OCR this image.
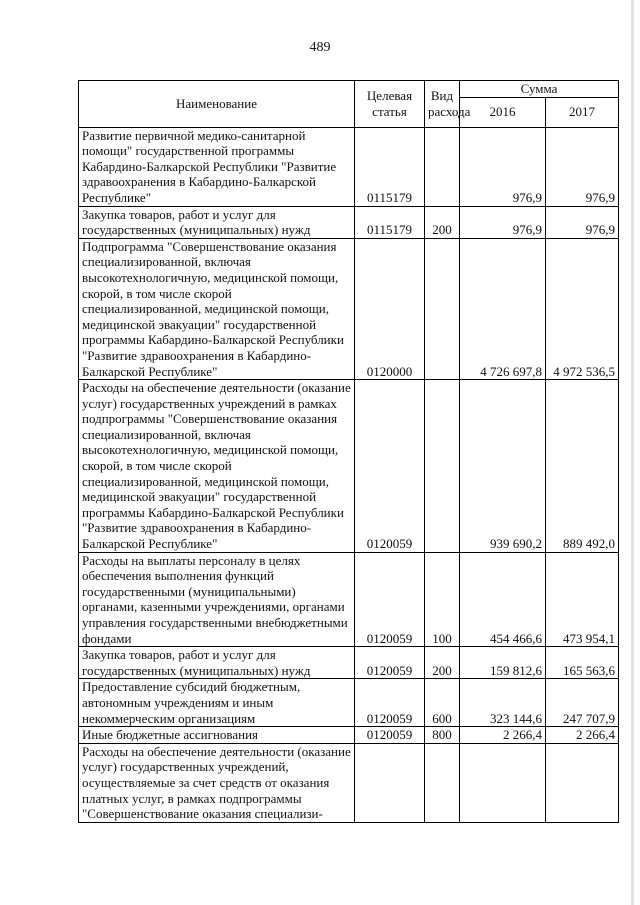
489
Наименование	Целевая статья	Вид расхода	Сумма	
			2016	2017
Развитие первичной медико-санитарной помощи" государственной программы Кабардино-Балкарской Республики "Развитие здравоохранения в Кабардино-Балкарской Республике"	0115179		976,9	976,9
Закупка товаров, работ и услуг для государственных (муниципальных) нужд	0115179	200	976,9	976,9
Подпрограмма "Совершенствование оказания специализированной, включая высокотехнологичную, медицинской помощи, скорой, в том числе скорой специализированной, медицинской помощи, медицинской эвакуации" государственной программы Кабардино-Балкарской Республики "Развитие здравоохранения в Кабардино-Балкарской Республике"	0120000		4 726 697,8	4 972 536,5
Расходы на обеспечение деятельности (оказание услуг) государственных учреждений в рамках подпрограммы "Совершенствование оказания специализированной, включая высокотехнологичную, медицинской помощи, скорой, в том числе скорой специализированной, медицинской помощи, медицинской эвакуации" государственной программы Кабардино-Балкарской Республики "Развитие здравоохранения в Кабардино-Балкарской Республике"	0120059		939 690,2	889 492,0
Расходы на выплаты персоналу в целях обеспечения выполнения функций государственными (муниципальными) органами, казенными учреждениями, органами управления государственными внебюджетными фондами	0120059	100	454 466,6	473 954,1
Закупка товаров, работ и услуг для государственных (муниципальных) нужд	0120059	200	159 812,6	165 563,6
Предоставление субсидий бюджетным, автономным учреждениям и иным некоммерческим организациям	0120059	600	323 144,6	247 707,9
Иные бюджетные ассигнования	0120059	800	2 266,4	2 266,4
Расходы на обеспечение деятельности (оказание услуг) государственных учреждений, осуществляемые за счет средств от оказания платных услуг, в рамках подпрограммы "Совершенствование оказания специализи-				
